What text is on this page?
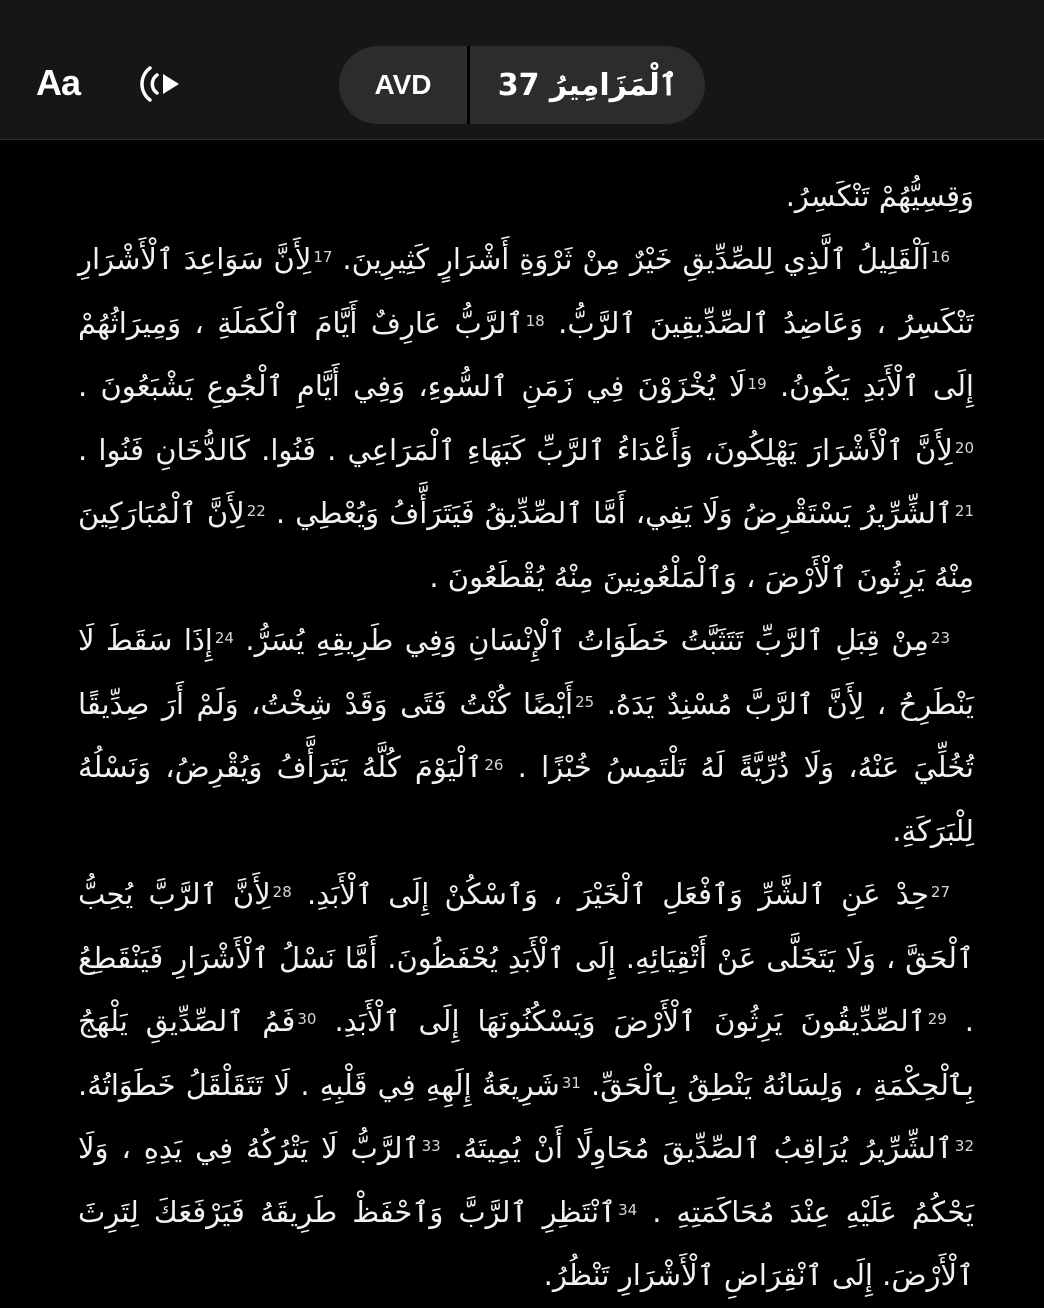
Aa	AVD	ٱلْمَزَامِيرُ 37

وَقِسِيُّهُمْ تَنْكَسِرُ.
$^{16}$اَلْقَلِيلُ ٱلَّذِي لِلصِّدِّيقِ خَيْرٌ مِنْ ثَرْوَةِ أَشْرَارٍ كَثِيرِينَ. $^{17}$لِأَنَّ سَوَاعِدَ ٱلْأَشْرَارِ تَنْكَسِرُ ، وَعَاضِدُ ٱلصِّدِّيقِينَ ٱلرَّبُّ. $^{18}$ٱلرَّبُّ عَارِفٌ أَيَّامَ ٱلْكَمَلَةِ ، وَمِيرَاثُهُمْ إِلَى ٱلْأَبَدِ يَكُونُ. $^{19}$لَا يُخْزَوْنَ فِي زَمَنِ ٱلسُّوءِ، وَفِي أَيَّامِ ٱلْجُوعِ يَشْبَعُونَ . $^{20}$لِأَنَّ ٱلْأَشْرَارَ يَهْلِكُونَ، وَأَعْدَاءُ ٱلرَّبِّ كَبَهَاءِ ٱلْمَرَاعِي . فَنُوا. كَالدُّخَانِ فَنُوا . $^{21}$ٱلشِّرِّيرُ يَسْتَقْرِضُ وَلَا يَفِي، أَمَّا ٱلصِّدِّيقُ فَيَتَرَأَّفُ وَيُعْطِي . $^{22}$لِأَنَّ ٱلْمُبَارَكِينَ مِنْهُ يَرِثُونَ ٱلْأَرْضَ ، وَٱلْمَلْعُونِينَ مِنْهُ يُقْطَعُونَ .
$^{23}$مِنْ قِبَلِ ٱلرَّبِّ تَتَثَبَّتُ خَطَوَاتُ ٱلْإِنْسَانِ وَفِي طَرِيقِهِ يُسَرُّ. $^{24}$إِذَا سَقَطَ لَا يَنْطَرِحُ ، لِأَنَّ ٱلرَّبَّ مُسْنِدٌ يَدَهُ. $^{25}$أَيْضًا كُنْتُ فَتًى وَقَدْ شِخْتُ، وَلَمْ أَرَ صِدِّيقًا تُخُلِّيَ عَنْهُ، وَلَا ذُرِّيَّةً لَهُ تَلْتَمِسُ خُبْزًا . $^{26}$ٱلْيَوْمَ كُلَّهُ يَتَرَأَّفُ وَيُقْرِضُ، وَنَسْلُهُ لِلْبَرَكَةِ.
$^{27}$حِدْ عَنِ ٱلشَّرِّ وَٱفْعَلِ ٱلْخَيْرَ ، وَٱسْكُنْ إِلَى ٱلْأَبَدِ. $^{28}$لِأَنَّ ٱلرَّبَّ يُحِبُّ ٱلْحَقَّ ، وَلَا يَتَخَلَّى عَنْ أَتْقِيَائِهِ. إِلَى ٱلْأَبَدِ يُحْفَظُونَ. أَمَّا نَسْلُ ٱلْأَشْرَارِ فَيَنْقَطِعُ . $^{29}$ٱلصِّدِّيقُونَ يَرِثُونَ ٱلْأَرْضَ وَيَسْكُنُونَهَا إِلَى ٱلْأَبَدِ. $^{30}$فَمُ ٱلصِّدِّيقِ يَلْهَجُ بِٱلْحِكْمَةِ ، وَلِسَانُهُ يَنْطِقُ بِٱلْحَقِّ. $^{31}$شَرِيعَةُ إِلَهِهِ فِي قَلْبِهِ . لَا تَتَقَلْقَلُ خَطَوَاتُهُ. $^{32}$ٱلشِّرِّيرُ يُرَاقِبُ ٱلصِّدِّيقَ مُحَاوِلًا أَنْ يُمِيتَهُ. $^{33}$ٱلرَّبُّ لَا يَتْرُكُهُ فِي يَدِهِ ، وَلَا يَحْكُمُ عَلَيْهِ عِنْدَ مُحَاكَمَتِهِ . $^{34}$ٱنْتَظِرِ ٱلرَّبَّ وَٱحْفَظْ طَرِيقَهُ فَيَرْفَعَكَ لِتَرِثَ ٱلْأَرْضَ. إِلَى ٱنْقِرَاضِ ٱلْأَشْرَارِ تَنْظُرُ.
